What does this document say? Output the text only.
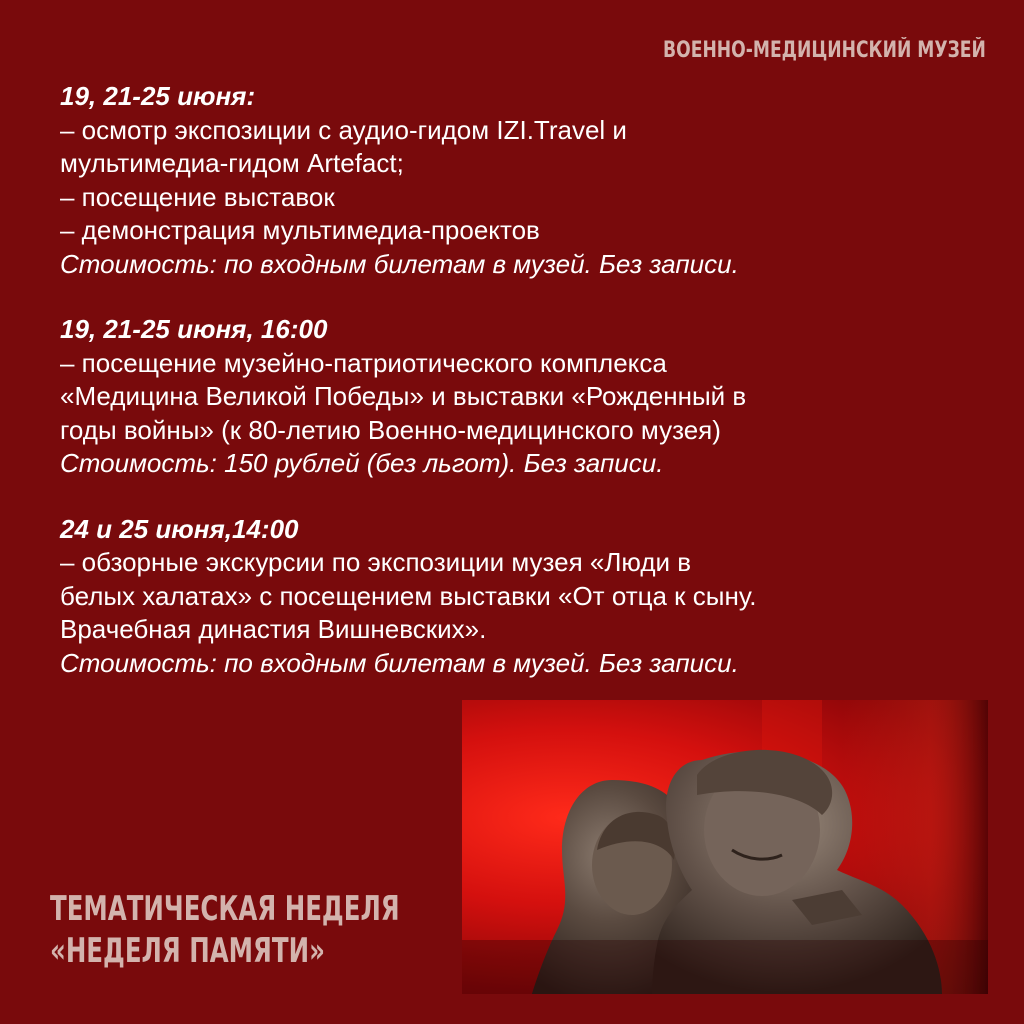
ВОЕННО-МЕДИЦИНСКИЙ МУЗЕЙ
19, 21-25 июня:
– осмотр экспозиции с аудио-гидом IZI.Travel и
мультимедиа-гидом Artefact;
– посещение выставок
– демонстрация мультимедиа-проектов
Стоимость: по входным билетам в музей. Без записи.
19, 21-25 июня, 16:00
– посещение музейно-патриотического комплекса
«Медицина Великой Победы» и выставки «Рожденный в
годы войны» (к 80-летию Военно-медицинского музея)
Стоимость: 150 рублей (без льгот). Без записи.
24 и 25 июня,14:00
– обзорные экскурсии по экспозиции музея «Люди в
белых халатах» с посещением выставки «От отца к сыну.
Врачебная династия Вишневских».
Стоимость: по входным билетам в музей. Без записи.
ТЕМАТИЧЕСКАЯ НЕДЕЛЯ
«НЕДЕЛЯ ПАМЯТИ»
